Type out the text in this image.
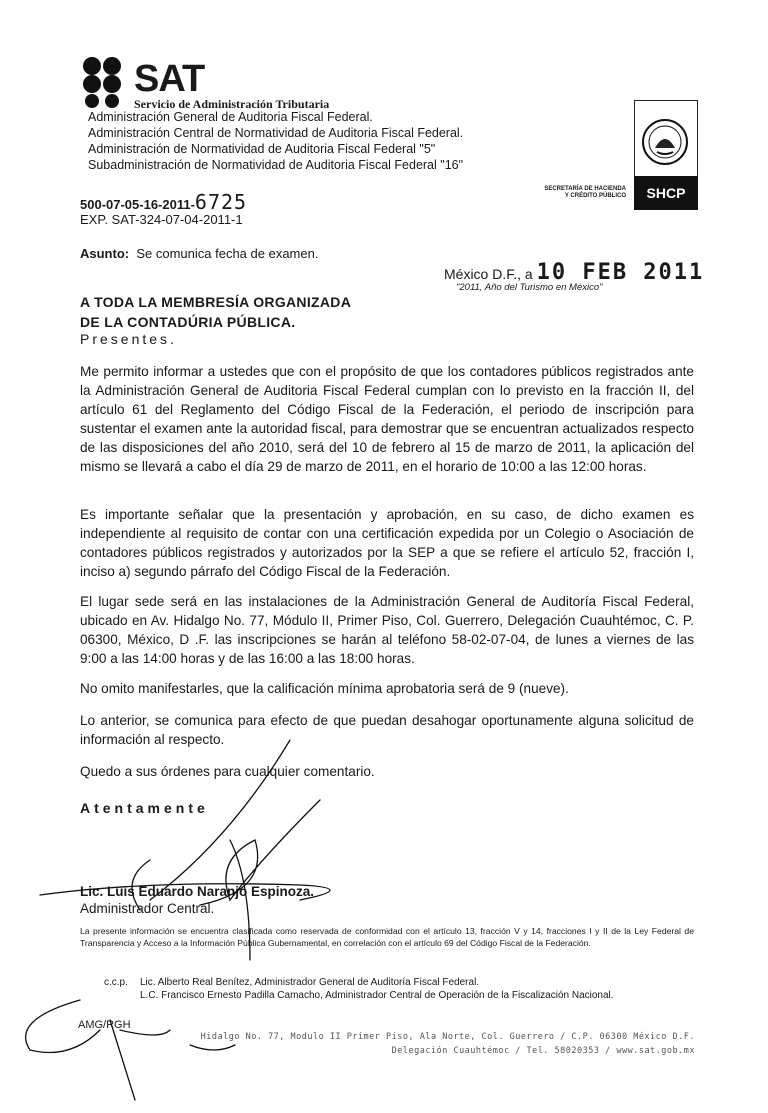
SAT
Servicio de Administración Tributaria
Administración General de Auditoria Fiscal Federal.
Administración Central de Normatividad de Auditoria Fiscal Federal.
Administración de Normatividad de Auditoria Fiscal Federal "5"
Subadministración de Normatividad de Auditoria Fiscal Federal "16"
SHCP
SECRETARÍA DE HACIENDA
Y CRÉDITO PÚBLICO
500-07-05-16-2011-6725
EXP. SAT-324-07-04-2011-1
Asunto: Se comunica fecha de examen.
México D.F., a 10 FEB 2011
"2011, Año del Turismo en México"
A TODA LA MEMBRESÍA ORGANIZADA
DE LA CONTADÚRIA PÚBLICA.
Presentes.
Me permito informar a ustedes que con el propósito de que los contadores públicos registrados ante la Administración General de Auditoria Fiscal Federal cumplan con lo previsto en la fracción II, del artículo 61 del Reglamento del Código Fiscal de la Federación, el periodo de inscripción para sustentar el examen ante la autoridad fiscal, para demostrar que se encuentran actualizados respecto de las disposiciones del año 2010, será del 10 de febrero al 15 de marzo de 2011, la aplicación del mismo se llevará a cabo el día 29 de marzo de 2011, en el horario de 10:00 a las 12:00 horas.
Es importante señalar que la presentación y aprobación, en su caso, de dicho examen es independiente al requisito de contar con una certificación expedida por un Colegio o Asociación de contadores públicos registrados y autorizados por la SEP a que se refiere el artículo 52, fracción I, inciso a) segundo párrafo del Código Fiscal de la Federación.
El lugar sede será en las instalaciones de la Administración General de Auditoría Fiscal Federal, ubicado en Av. Hidalgo No. 77, Módulo II, Primer Piso, Col. Guerrero, Delegación Cuauhtémoc, C. P. 06300, México, D .F. las inscripciones se harán al teléfono 58-02-07-04, de lunes a viernes de las 9:00 a las 14:00 horas y de las 16:00 a las 18:00 horas.
No omito manifestarles, que la calificación mínima aprobatoria será de 9 (nueve).
Lo anterior, se comunica para efecto de que puedan desahogar oportunamente alguna solicitud de información al respecto.
Quedo a sus órdenes para cualquier comentario.
Atentamente
Lic. Luis Eduardo Naranjo Espinoza.
Administrador Central.
La presente información se encuentra clasificada como reservada de conformidad con el artículo 13, fracción V y 14, fracciones I y II de la Ley Federal de Transparencia y Acceso a la Información Pública Gubernamental, en correlación con el artículo 69 del Código Fiscal de la Federación.
c.c.p. Lic. Alberto Real Benítez, Administrador General de Auditoría Fiscal Federal.
L.C. Francisco Ernesto Padilla Camacho, Administrador Central de Operación de la Fiscalización Nacional.
AMG/RGH
Hidalgo No. 77, Modulo II Primer Piso, Ala Norte, Col. Guerrero / C.P. 06300 México D.F.
Delegación Cuauhtémoc / Tel. 58020353 / www.sat.gob.mx
